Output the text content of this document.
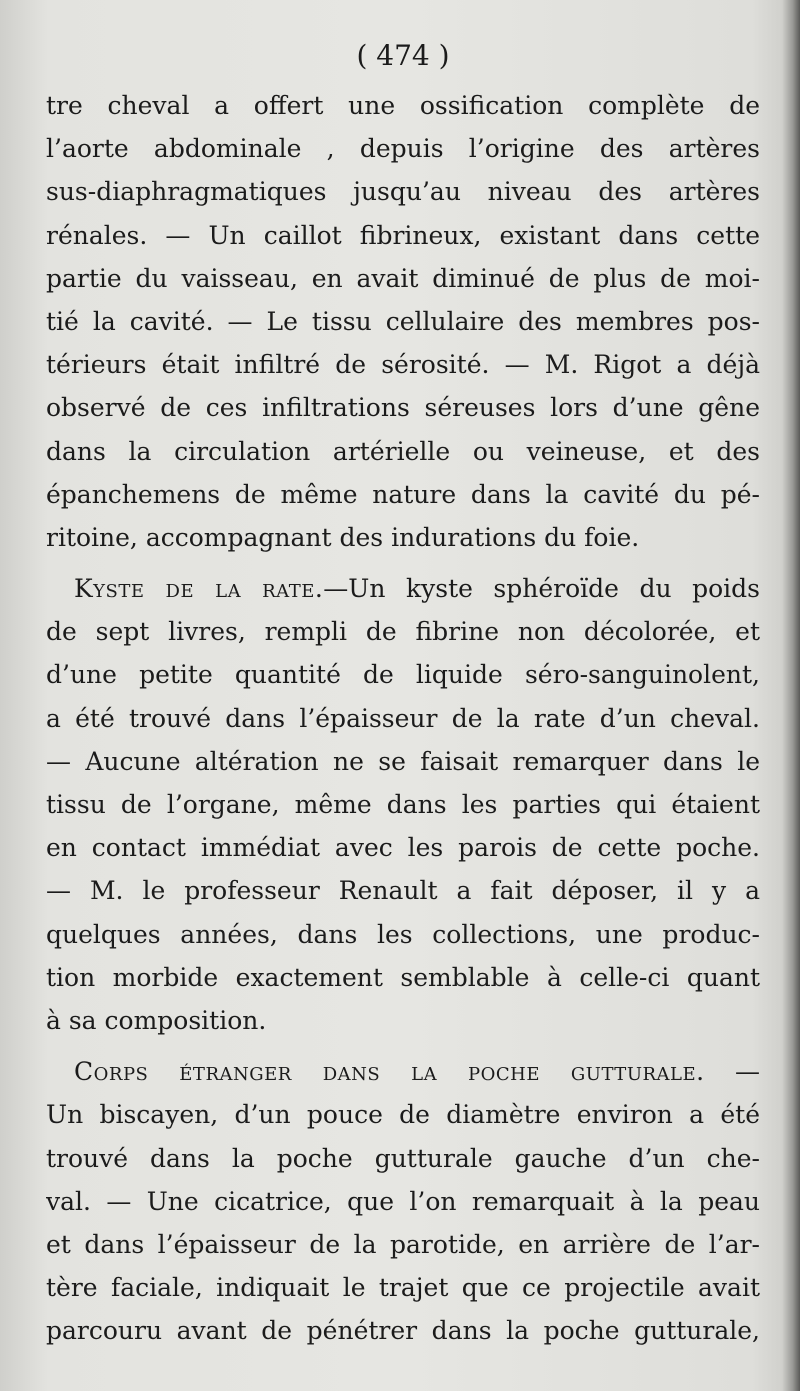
( 474 )
tre cheval a offert une ossification complète de
l’aorte abdominale , depuis l’origine des artères
sus-diaphragmatiques jusqu’au niveau des artères
rénales. — Un caillot fibrineux, existant dans cette
partie du vaisseau, en avait diminué de plus de moi-
tié la cavité. — Le tissu cellulaire des membres pos-
térieurs était infiltré de sérosité. — M. Rigot a déjà
observé de ces infiltrations séreuses lors d’une gêne
dans la circulation artérielle ou veineuse, et des
épanchemens de même nature dans la cavité du pé-
ritoine, accompagnant des indurations du foie.
Kyste de la rate.—Un kyste sphéroïde du poids
de sept livres, rempli de fibrine non décolorée, et
d’une petite quantité de liquide séro-sanguinolent,
a été trouvé dans l’épaisseur de la rate d’un cheval.
— Aucune altération ne se faisait remarquer dans le
tissu de l’organe, même dans les parties qui étaient
en contact immédiat avec les parois de cette poche.
— M. le professeur Renault a fait déposer, il y a
quelques années, dans les collections, une produc-
tion morbide exactement semblable à celle-ci quant
à sa composition.
Corps étranger dans la poche gutturale. —
Un biscayen, d’un pouce de diamètre environ a été
trouvé dans la poche gutturale gauche d’un che-
val. — Une cicatrice, que l’on remarquait à la peau
et dans l’épaisseur de la parotide, en arrière de l’ar-
tère faciale, indiquait le trajet que ce projectile avait
parcouru avant de pénétrer dans la poche gutturale,
